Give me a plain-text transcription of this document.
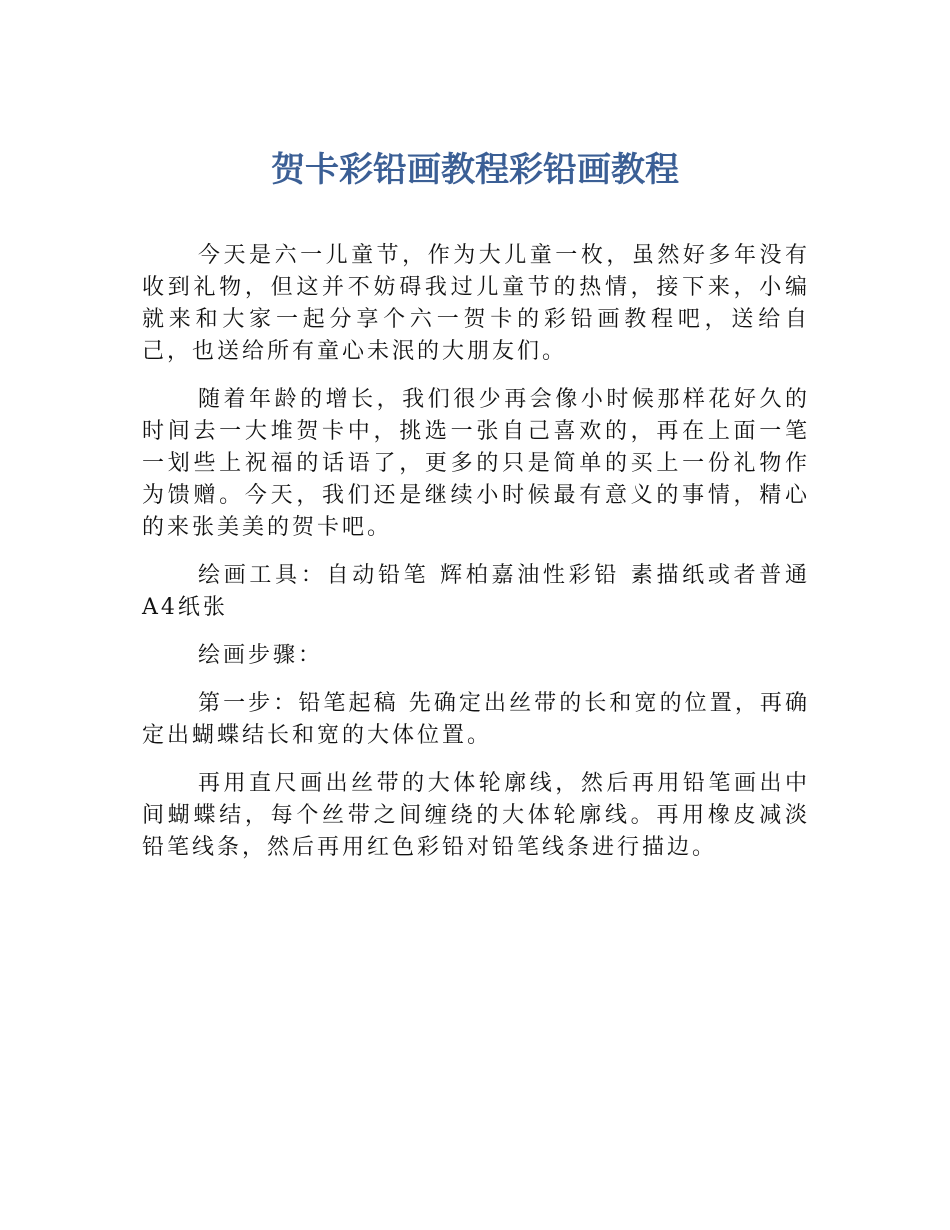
贺卡彩铅画教程彩铅画教程

今天是六一儿童节，作为大儿童一枚，虽然好多年没有收到礼物，但这并不妨碍我过儿童节的热情，接下来，小编就来和大家一起分享个六一贺卡的彩铅画教程吧，送给自己，也送给所有童心未泯的大朋友们。

随着年龄的增长，我们很少再会像小时候那样花好久的时间去一大堆贺卡中，挑选一张自己喜欢的，再在上面一笔一划些上祝福的话语了，更多的只是简单的买上一份礼物作为馈赠。今天，我们还是继续小时候最有意义的事情，精心的来张美美的贺卡吧。

绘画工具：自动铅笔 辉柏嘉油性彩铅 素描纸或者普通A4纸张

绘画步骤：

第一步：铅笔起稿 先确定出丝带的长和宽的位置，再确定出蝴蝶结长和宽的大体位置。

再用直尺画出丝带的大体轮廓线，然后再用铅笔画出中间蝴蝶结，每个丝带之间缠绕的大体轮廓线。再用橡皮减淡铅笔线条，然后再用红色彩铅对铅笔线条进行描边。
